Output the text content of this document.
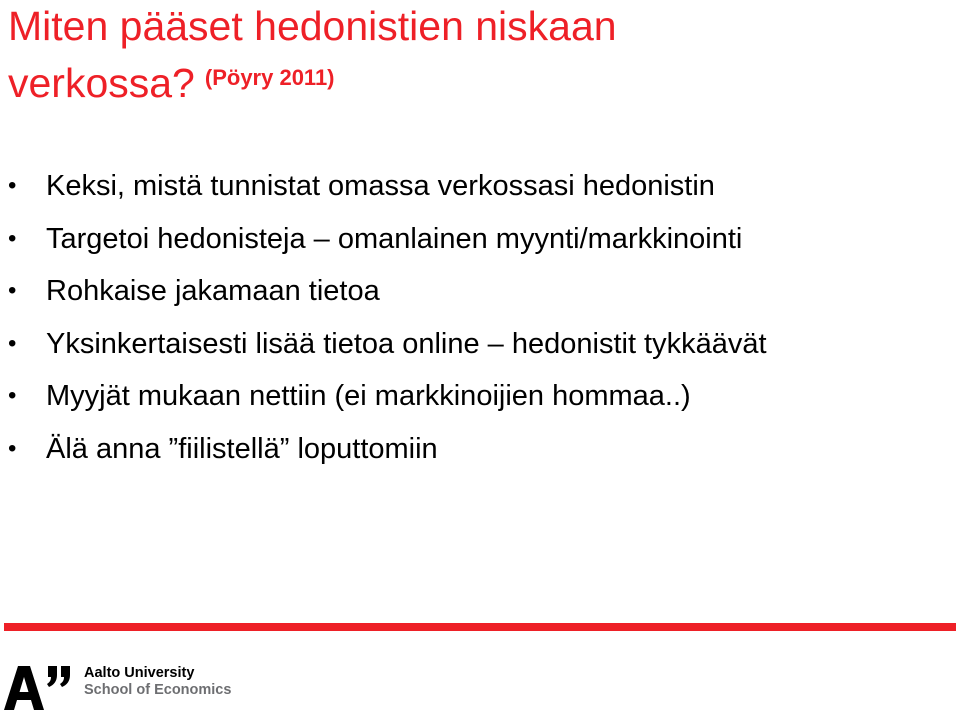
Miten pääset hedonistien niskaan
verkossa? $^{(Pöyry 2011)}$
• Keksi, mistä tunnistat omassa verkossasi hedonistin
• Targetoi hedonisteja – omanlainen myynti/markkinointi
• Rohkaise jakamaan tietoa
• Yksinkertaisesti lisää tietoa online – hedonistit tykkäävät
• Myyjät mukaan nettiin (ei markkinoijien hommaa..)
• Älä anna ”fiilistellä” loputtomiin
Aalto University
School of Economics
